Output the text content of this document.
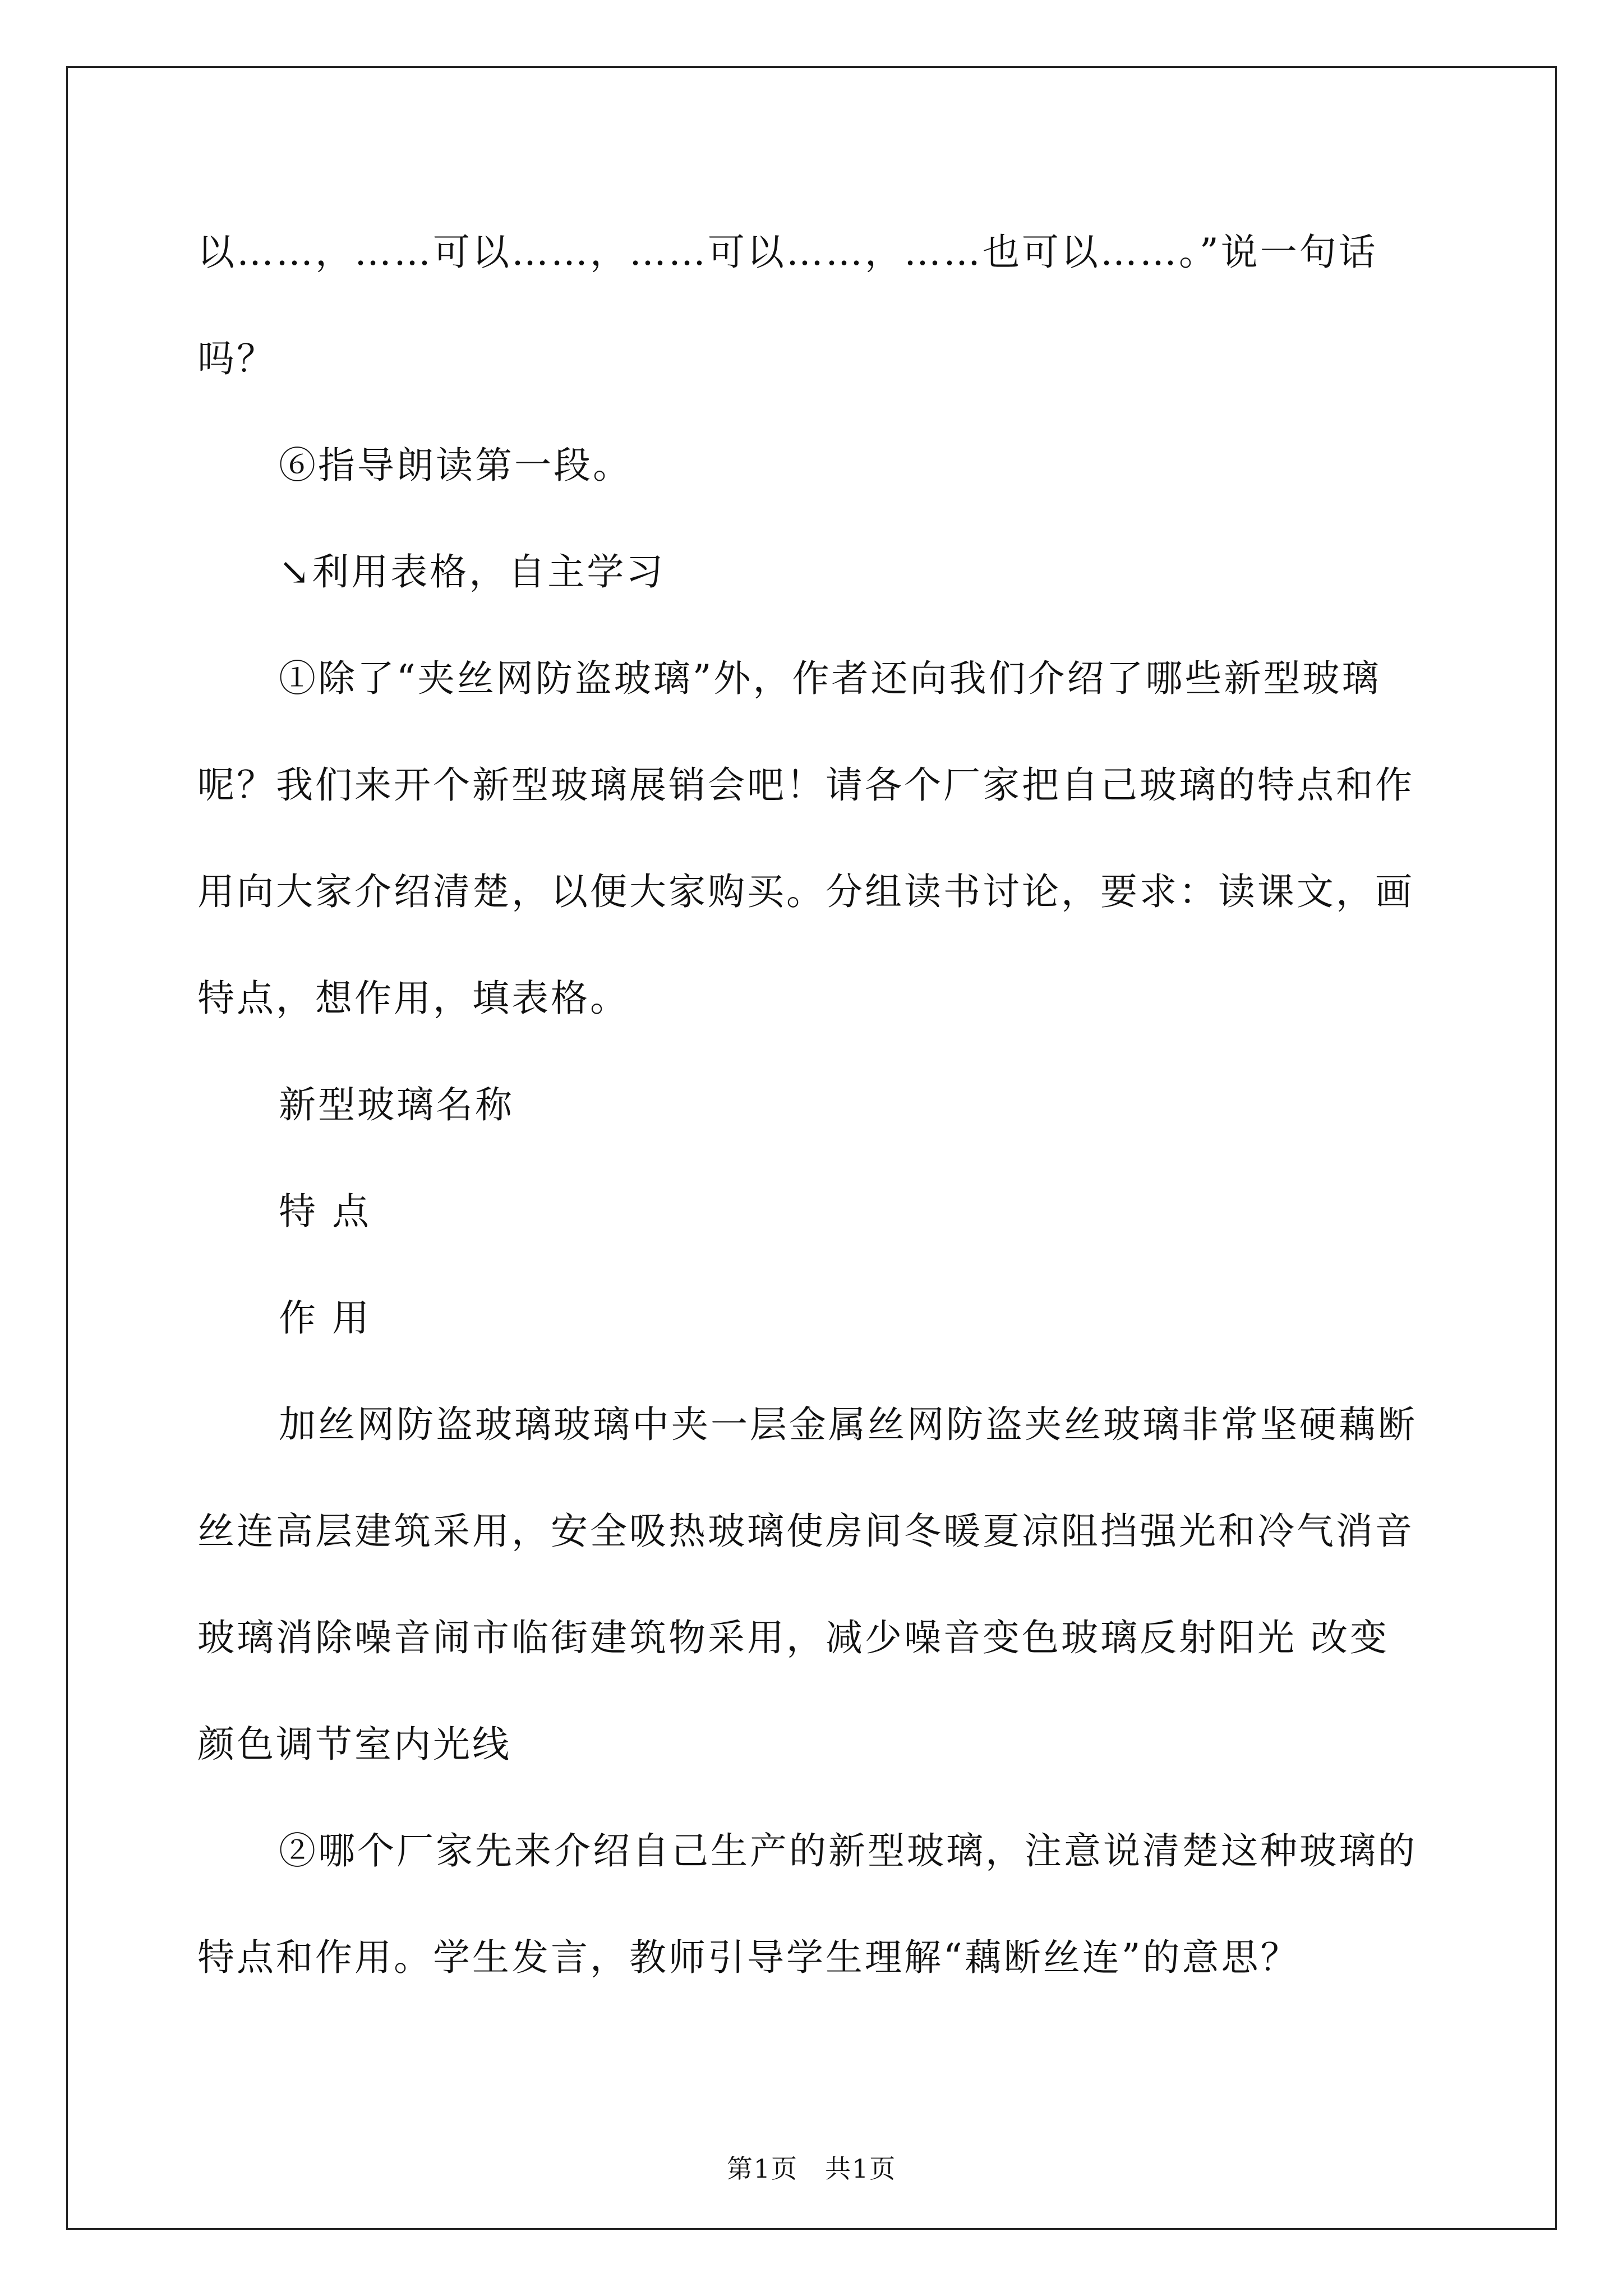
以……，……可以……，……可以……，……也可以……。”说一句话吗？

⑥指导朗读第一段。

↘利用表格，自主学习

①除了“夹丝网防盗玻璃”外，作者还向我们介绍了哪些新型玻璃呢？我们来开个新型玻璃展销会吧！请各个厂家把自己玻璃的特点和作用向大家介绍清楚，以便大家购买。分组读书讨论，要求：读课文，画特点，想作用，填表格。

新型玻璃名称

特 点

作 用

加丝网防盗玻璃玻璃中夹一层金属丝网防盗夹丝玻璃非常坚硬藕断丝连高层建筑采用，安全吸热玻璃使房间冬暖夏凉阻挡强光和冷气消音玻璃消除噪音闹市临街建筑物采用，减少噪音变色玻璃反射阳光 改变颜色调节室内光线

②哪个厂家先来介绍自己生产的新型玻璃，注意说清楚这种玻璃的特点和作用。学生发言，教师引导学生理解“藕断丝连”的意思？

第1页　共1页
